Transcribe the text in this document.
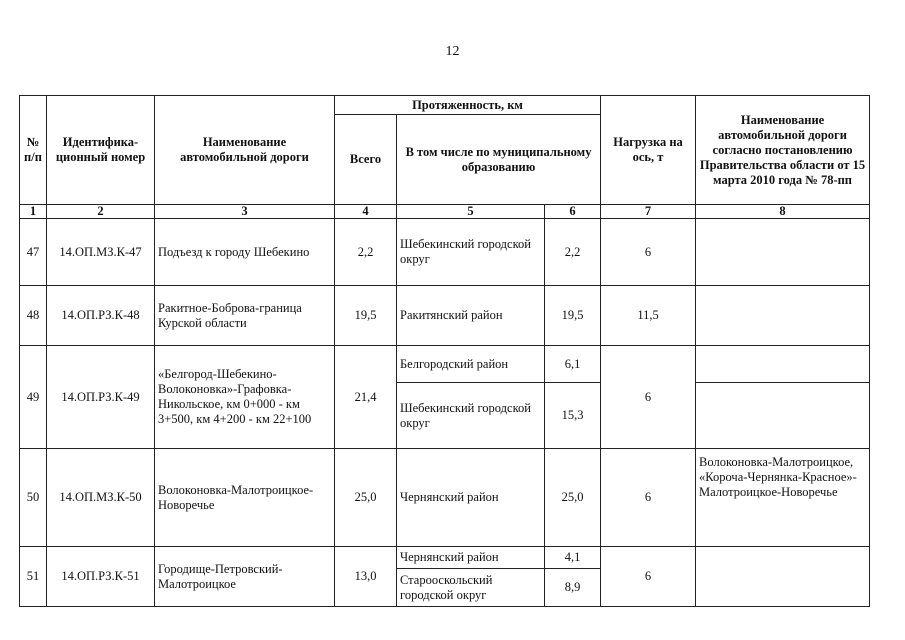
12
№ п/п	Идентифика-ционный номер	Наименование автомобильной дороги	Протяженность, км			Нагрузка на ось, т	Наименование автомобильной дороги согласно постановлению Правительства области от 15 марта 2010 года № 78-пп
			Всего	В том числе по муниципальному образованию			
1	2	3	4	5	6	7	8
47	14.ОП.МЗ.К-47	Подъезд к городу Шебекино	2,2	Шебекинский городской округ	2,2	6	
48	14.ОП.РЗ.К-48	Ракитное-Боброва-граница Курской области	19,5	Ракитянский район	19,5	11,5	
49	14.ОП.РЗ.К-49	«Белгород-Шебекино-Волоконовка»-Графовка-Никольское, км 0+000 - км 3+500, км 4+200 - км 22+100	21,4	Белгородский район	6,1	6	
				Шебекинский городской округ	15,3		
50	14.ОП.МЗ.К-50	Волоконовка-Малотроицкое-Новоречье	25,0	Чернянский район	25,0	6	Волоконовка-Малотроицкое, «Короча-Чернянка-Красное»-Малотроицкое-Новоречье
51	14.ОП.РЗ.К-51	Городище-Петровский-Малотроицкое	13,0	Чернянский район	4,1	6	
				Старооскольский городской округ	8,9		
